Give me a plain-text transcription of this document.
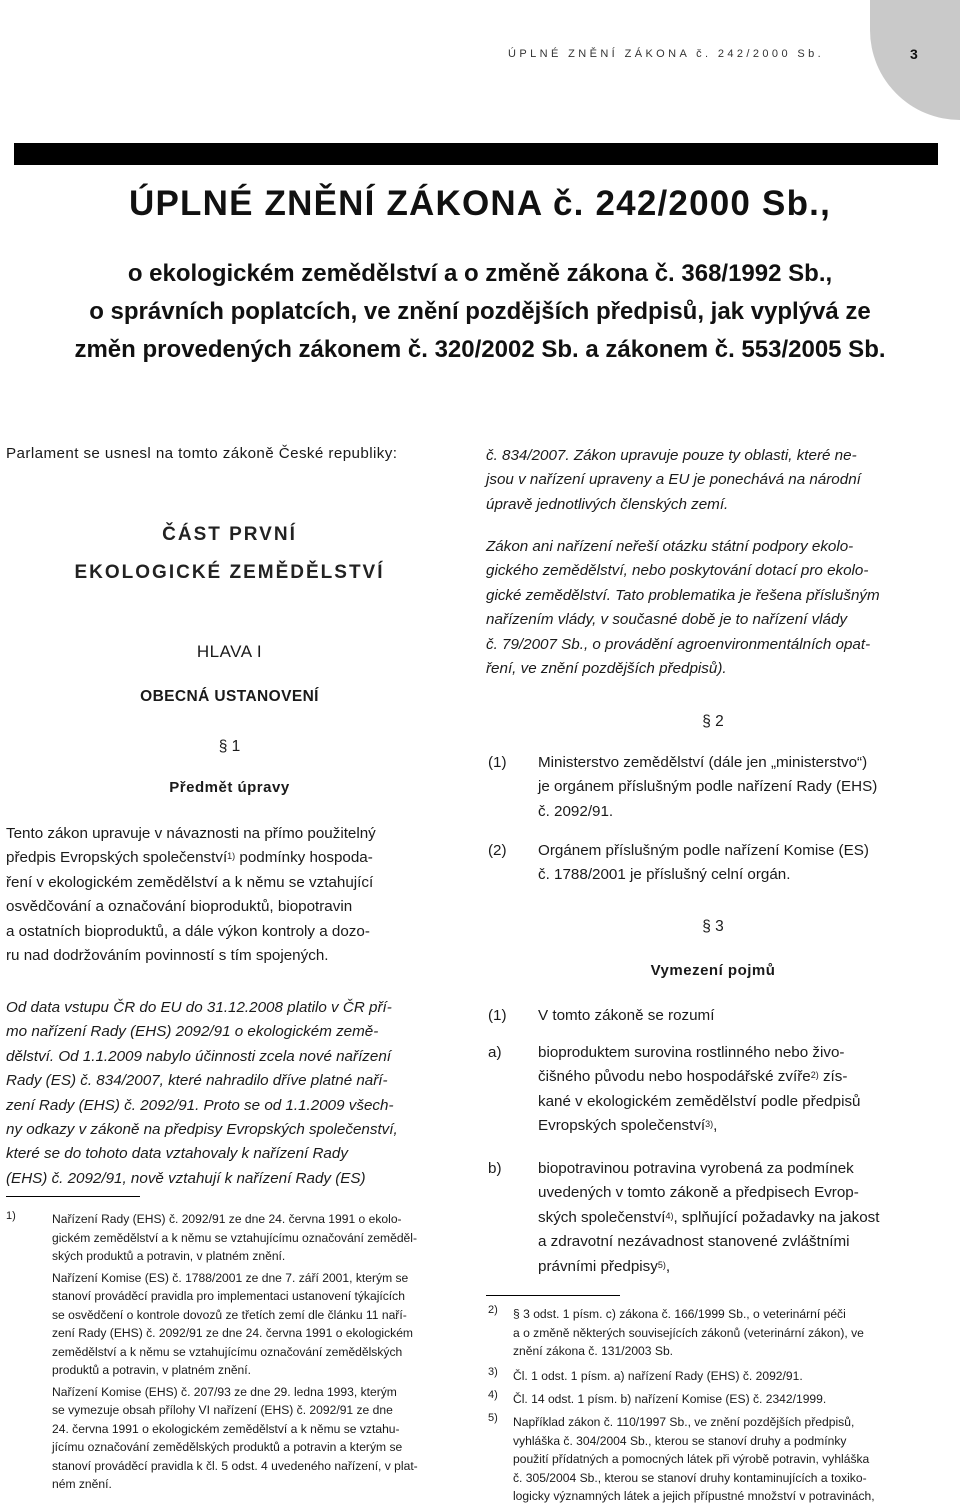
ÚPLNÉ ZNĚNÍ ZÁKONA č. 242/2000 Sb.	3
ÚPLNÉ ZNĚNÍ ZÁKONA č. 242/2000 Sb.,
o ekologickém zemědělství a o změně zákona č. 368/1992 Sb.,
o správních poplatcích, ve znění pozdějších předpisů, jak vyplývá ze
změn provedených zákonem č. 320/2002 Sb. a zákonem č. 553/2005 Sb.
Parlament se usnesl na tomto zákoně České republiky:
ČÁST PRVNÍ
EKOLOGICKÉ ZEMĚDĚLSTVÍ
HLAVA I
OBECNÁ USTANOVENÍ
§ 1
Předmět úpravy
Tento zákon upravuje v návaznosti na přímo použitelný
předpis Evropských společenství$^{1)}$ podmínky hospoda-
ření v ekologickém zemědělství a k němu se vztahující
osvědčování a označování bioproduktů, biopotravin
a ostatních bioproduktů, a dále výkon kontroly a dozo-
ru nad dodržováním povinností s tím spojených.
Od data vstupu ČR do EU do 31.12.2008 platilo v ČR pří-
mo nařízení Rady (EHS) 2092/91 o ekologickém země-
dělství. Od 1.1.2009 nabylo účinnosti zcela nové nařízení
Rady (ES) č. 834/2007, které nahradilo dříve platné naří-
zení Rady (EHS) č. 2092/91. Proto se od 1.1.2009 všech-
ny odkazy v zákoně na předpisy Evropských společenství,
které se do tohoto data vztahovaly k nařízení Rady
(EHS) č. 2092/91, nově vztahují k nařízení Rady (ES)
1)	Nařízení Rady (EHS) č. 2092/91 ze dne 24. června 1991 o ekolo-
gickém zemědělství a k němu se vztahujícímu označování zeměděl-
ských produktů a potravin, v platném znění.
Nařízení Komise (ES) č. 1788/2001 ze dne 7. září 2001, kterým se
stanoví prováděcí pravidla pro implementaci ustanovení týkajících
se osvědčení o kontrole dovozů ze třetích zemí dle článku 11 naří-
zení Rady (EHS) č. 2092/91 ze dne 24. června 1991 o ekologickém
zemědělství a k němu se vztahujícímu označování zemědělských
produktů a potravin, v platném znění.
Nařízení Komise (EHS) č. 207/93 ze dne 29. ledna 1993, kterým
se vymezuje obsah přílohy VI nařízení (EHS) č. 2092/91 ze dne
24. června 1991 o ekologickém zemědělství a k němu se vztahu-
jícímu označování zemědělských produktů a potravin a kterým se
stanoví prováděcí pravidla k čl. 5 odst. 4 uvedeného nařízení, v plat-
ném znění.
č. 834/2007. Zákon upravuje pouze ty oblasti, které ne-
jsou v nařízení upraveny a EU je ponechává na národní
úpravě jednotlivých členských zemí.
Zákon ani nařízení neřeší otázku státní podpory ekolo-
gického zemědělství, nebo poskytování dotací pro ekolo-
gické zemědělství. Tato problematika je řešena příslušným
nařízením vlády, v současné době je to nařízení vlády
č. 79/2007 Sb., o provádění agroenvironmentálních opat-
ření, ve znění pozdějších předpisů).
§ 2
(1) Ministerstvo zemědělství (dále jen „ministerstvo“)
je orgánem příslušným podle nařízení Rady (EHS)
č. 2092/91.
(2) Orgánem příslušným podle nařízení Komise (ES)
č. 1788/2001 je příslušný celní orgán.
§ 3
Vymezení pojmů
(1) V tomto zákoně se rozumí
a) bioproduktem surovina rostlinného nebo živo-
čišného původu nebo hospodářské zvíře$^{2)}$ zís-
kané v ekologickém zemědělství podle předpisů
Evropských společenství$^{3)}$,
b) biopotravinou potravina vyrobená za podmínek
uvedených v tomto zákoně a předpisech Evrop-
ských společenství$^{4)}$, splňující požadavky na jakost
a zdravotní nezávadnost stanovené zvláštními
právními předpisy$^{5)}$,
2) § 3 odst. 1 písm. c) zákona č. 166/1999 Sb., o veterinární péči
a o změně některých souvisejících zákonů (veterinární zákon), ve
znění zákona č. 131/2003 Sb.
3) Čl. 1 odst. 1 písm. a) nařízení Rady (EHS) č. 2092/91.
4) Čl. 14 odst. 1 písm. b) nařízení Komise (ES) č. 2342/1999.
5) Například zákon č. 110/1997 Sb., ve znění pozdějších předpisů,
vyhláška č. 304/2004 Sb., kterou se stanoví druhy a podmínky
použití přídatných a pomocných látek při výrobě potravin, vyhláška
č. 305/2004 Sb., kterou se stanoví druhy kontaminujících a toxiko-
logicky významných látek a jejich přípustné množství v potravinách,
